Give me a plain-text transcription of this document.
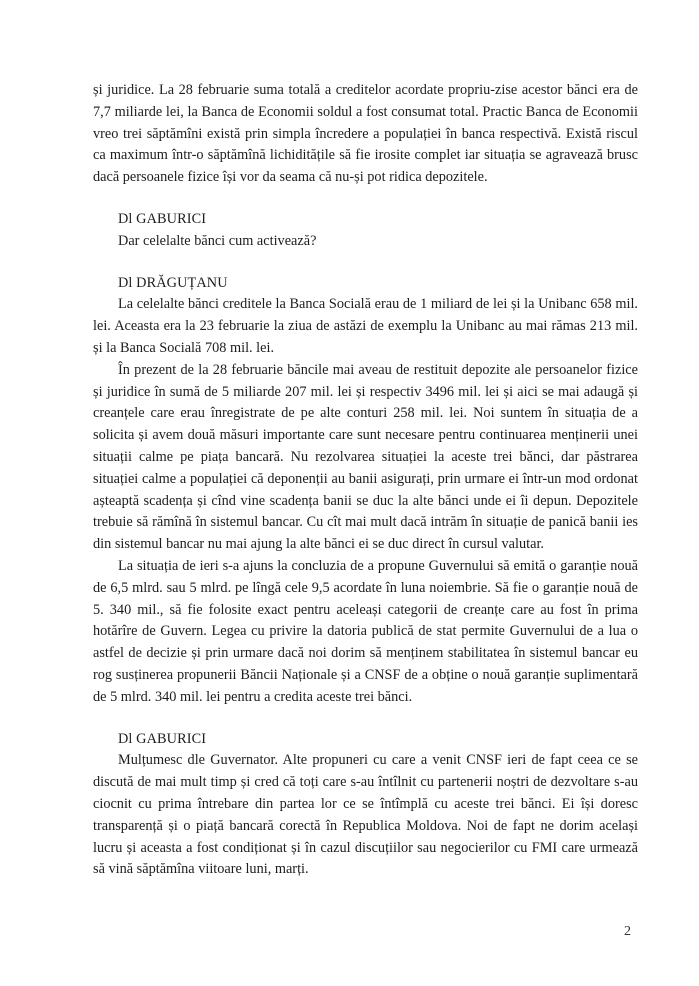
și juridice. La 28 februarie suma totală a creditelor acordate propriu-zise acestor bănci era de 7,7 miliarde lei, la Banca de Economii soldul a fost consumat total. Practic Banca de Economii vreo trei săptămîni există prin simpla încredere a populației în banca respectivă. Există riscul ca maximum într-o săptămînă lichiditățile să fie irosite complet iar situația se agravează brusc dacă persoanele fizice își vor da seama că nu-și pot ridica depozitele.

Dl GABURICI

Dar celelalte bănci cum activează?

Dl DRĂGUȚANU

La celelalte bănci creditele la Banca Socială erau de 1 miliard de lei și la Unibanc 658 mil. lei. Aceasta era la 23 februarie la ziua de astăzi de exemplu la Unibanc au mai rămas 213 mil. și la Banca Socială 708 mil. lei.

În prezent de la 28 februarie băncile mai aveau de restituit depozite ale persoanelor fizice și juridice în sumă de 5 miliarde 207 mil. lei și respectiv 3496 mil. lei și aici se mai adaugă și creanțele care erau înregistrate de pe alte conturi 258 mil. lei. Noi suntem în situația de a solicita și avem două măsuri importante care sunt necesare pentru continuarea menținerii unei situații calme pe piața bancară. Nu rezolvarea situației la aceste trei bănci, dar păstrarea situației calme a populației că deponenții au banii asigurați, prin urmare ei într-un mod ordonat așteaptă scadența și cînd vine scadența banii se duc la alte bănci unde ei îi depun. Depozitele trebuie să rămînă în sistemul bancar. Cu cît mai mult dacă intrăm în situație de panică banii ies din sistemul bancar nu mai ajung la alte bănci ei se duc direct în cursul valutar.

La situația de ieri s-a ajuns la concluzia de a propune Guvernului să emită o garanție nouă de 6,5 mlrd. sau 5 mlrd. pe lîngă cele 9,5 acordate în luna noiembrie. Să fie o garanție nouă de 5. 340 mil., să fie folosite exact pentru aceleași categorii de creanțe care au fost în prima hotărîre de Guvern. Legea cu privire la datoria publică de stat permite Guvernului de a lua o astfel de decizie și prin urmare dacă noi dorim să menținem stabilitatea în sistemul bancar eu rog susținerea propunerii Băncii Naționale și a CNSF de a obține o nouă garanție suplimentară de 5 mlrd. 340 mil. lei pentru a credita aceste trei bănci.

Dl GABURICI

Mulțumesc dle Guvernator. Alte propuneri cu care a venit CNSF ieri de fapt ceea ce se discută de mai mult timp și cred că toți care s-au întîlnit cu partenerii noștri de dezvoltare s-au ciocnit cu prima întrebare din partea lor ce se întîmplă cu aceste trei bănci. Ei își doresc transparență și o piață bancară corectă în Republica Moldova. Noi de fapt ne dorim același lucru și aceasta a fost condiționat și în cazul discuțiilor sau negocierilor cu FMI care urmează să vină săptămîna viitoare luni, marți.

2
